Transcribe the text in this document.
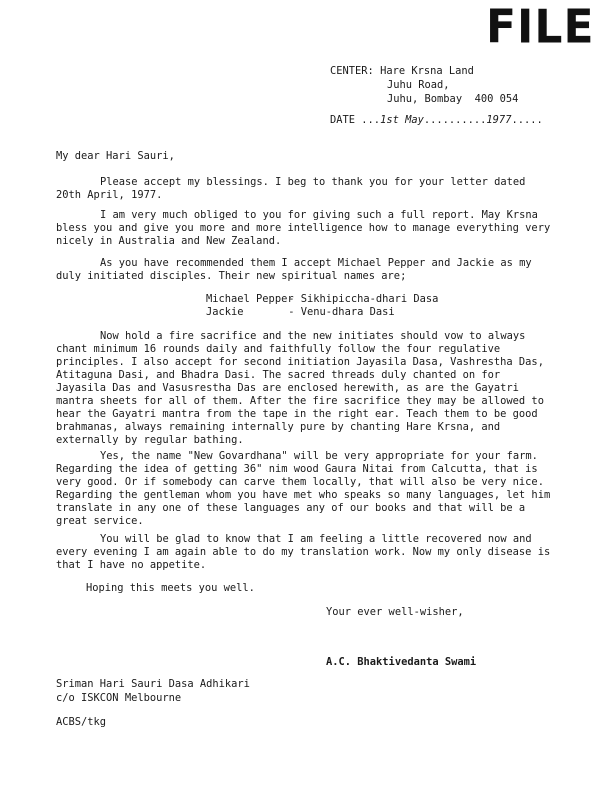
FILE
CENTER: Hare Krsna Land
Juhu Road,
Juhu, Bombay  400 054
DATE ...1st May..........1977.....
My dear Hari Sauri,

Please accept my blessings. I beg to thank you for your letter dated 20th April, 1977.

I am very much obliged to you for giving such a full report. May Krsna bless you and give you more and more intelligence how to manage everything very nicely in Australia and New Zealand.

As you have recommended them I accept Michael Pepper and Jackie as my duly initiated disciples. Their new spiritual names are;

Michael Pepper - Sikhipiccha-dhari Dasa
Jackie	- Venu-dhara Dasi

Now hold a fire sacrifice and the new initiates should vow to always chant minimum 16 rounds daily and faithfully follow the four regulative principles. I also accept for second initiation Jayasila Dasa, Vashrestha Das, Atitaguna Dasi, and Bhadra Dasi. The sacred threads duly chanted on for Jayasila Das and Vasusrestha Das are enclosed herewith, as are the Gayatri mantra sheets for all of them. After the fire sacrifice they may be allowed to hear the Gayatri mantra from the tape in the right ear. Teach them to be good brahmanas, always remaining internally pure by chanting Hare Krsna, and externally by regular bathing.

Yes, the name "New Govardhana" will be very appropriate for your farm. Regarding the idea of getting 36" nim wood Gaura Nitai from Calcutta, that is very good. Or if somebody can carve them locally, that will also be very nice. Regarding the gentleman whom you have met who speaks so many languages, let him translate in any one of these languages any of our books and that will be a great service.

You will be glad to know that I am feeling a little recovered now and every evening I am again able to do my translation work. Now my only disease is that I have no appetite.

Hoping this meets you well.

Your ever well-wisher,
A.C. Bhaktivedanta Swami
Sriman Hari Sauri Dasa Adhikari
c/o ISKCON Melbourne
ACBS/tkg
